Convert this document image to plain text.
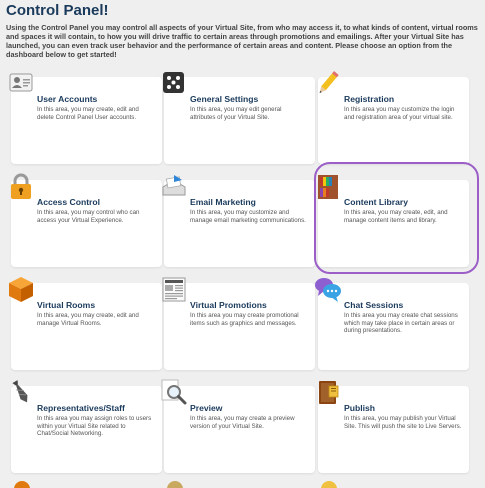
Control Panel!
Using the Control Panel you may control all aspects of your Virtual Site, from who may access it, to what kinds of content, virtual rooms and spaces it will contain, to how you will drive traffic to certain areas through promotions and emailings. After your Virtual Site has launched, you can even track user behavior and the performance of certain areas and content. Please choose an option from the dashboard below to get started!
User Accounts
In this area, you may create, edit and delete Control Panel User accounts.
General Settings
In this area, you may edit general attributes of your Virtual Site.
Registration
In this area you may customize the login and registration area of your virtual site.
Access Control
In this area, you may control who can access your Virtual Experience.
Email Marketing
In this area, you may customize and manage email marketing communications.
Content Library
In this area, you may create, edit, and manage content items and library.
Virtual Rooms
In this area, you may create, edit and manage Virtual Rooms.
Virtual Promotions
In this area you may create promotional items such as graphics and messages.
Chat Sessions
In this area you may create chat sessions which may take place in certain areas or during presentations.
Representatives/Staff
In this area you may assign roles to users within your Virtual Site related to Chat/Social Networking.
Preview
In this area, you may create a preview version of your Virtual Site.
Publish
In this area, you may publish your Virtual Site. This will push the site to Live Servers.
